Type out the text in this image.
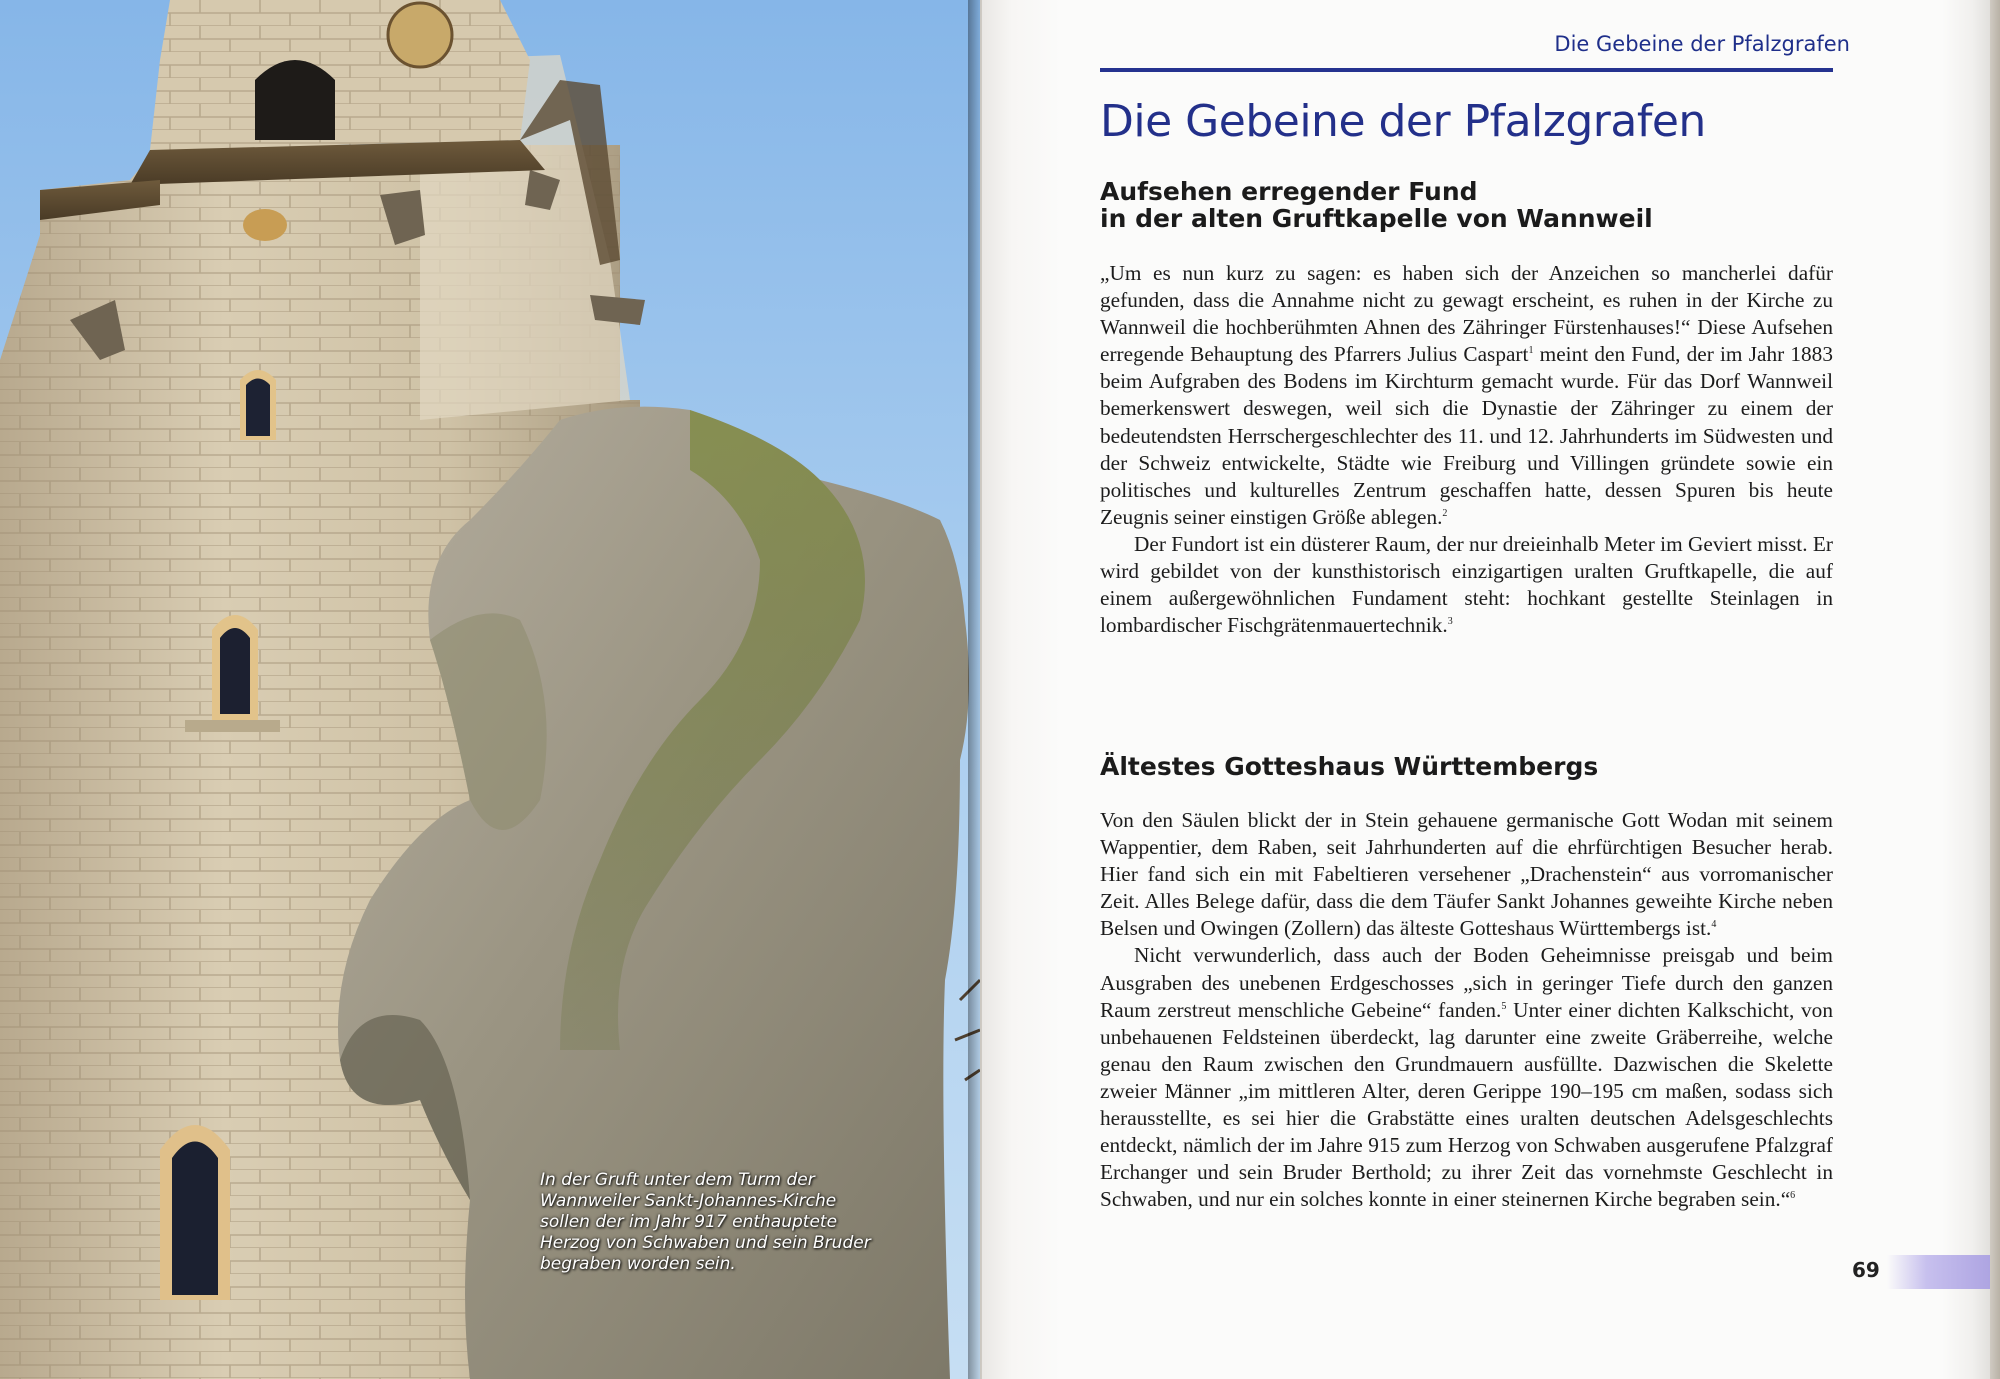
In der Gruft unter dem Turm der Wannweiler Sankt-Johannes-Kirche sollen der im Jahr 917 enthauptete Herzog von Schwaben und sein Bruder begraben worden sein.
Die Gebeine der Pfalzgrafen
Die Gebeine der Pfalzgrafen
Aufsehen erregender Fund
in der alten Gruftkapelle von Wannweil

„Um es nun kurz zu sagen: es haben sich der Anzeichen so mancherlei dafür gefunden, dass die Annahme nicht zu gewagt erscheint, es ruhen in der Kirche zu Wannweil die hochberühmten Ahnen des Zähringer Fürstenhauses!“ Diese Aufsehen erregende Behauptung des Pfarrers Julius Caspart$^1$ meint den Fund, der im Jahr 1883 beim Aufgraben des Bodens im Kirchturm gemacht wurde. Für das Dorf Wannweil bemerkenswert deswegen, weil sich die Dynastie der Zähringer zu einem der bedeutendsten Herrschergeschlechter des 11. und 12. Jahrhunderts im Südwesten und der Schweiz entwickelte, Städte wie Freiburg und Villingen gründete sowie ein politisches und kulturelles Zentrum geschaffen hatte, dessen Spuren bis heute Zeugnis seiner einstigen Größe ablegen.$^2$

Der Fundort ist ein düsterer Raum, der nur dreieinhalb Meter im Geviert misst. Er wird gebildet von der kunsthistorisch einzigartigen uralten Gruftkapelle, die auf einem außergewöhnlichen Fundament steht: hochkant gestellte Steinlagen in lombardischer Fischgrätenmauertechnik.$^3$

Ältestes Gotteshaus Württembergs

Von den Säulen blickt der in Stein gehauene germanische Gott Wodan mit seinem Wappentier, dem Raben, seit Jahrhunderten auf die ehrfürchtigen Besucher herab. Hier fand sich ein mit Fabeltieren versehener „Drachenstein“ aus vorromanischer Zeit. Alles Belege dafür, dass die dem Täufer Sankt Johannes geweihte Kirche neben Belsen und Owingen (Zollern) das älteste Gotteshaus Württembergs ist.$^4$

Nicht verwunderlich, dass auch der Boden Geheimnisse preisgab und beim Ausgraben des unebenen Erdgeschosses „sich in geringer Tiefe durch den ganzen Raum zerstreut menschliche Gebeine“ fanden.$^5$ Unter einer dichten Kalkschicht, von unbehauenen Feldsteinen überdeckt, lag darunter eine zweite Gräberreihe, welche genau den Raum zwischen den Grundmauern ausfüllte. Dazwischen die Skelette zweier Männer „im mittleren Alter, deren Gerippe 190–195 cm maßen, sodass sich herausstellte, es sei hier die Grabstätte eines uralten deutschen Adelsgeschlechts entdeckt, nämlich der im Jahre 915 zum Herzog von Schwaben ausgerufene Pfalzgraf Erchanger und sein Bruder Berthold; zu ihrer Zeit das vornehmste Geschlecht in Schwaben, und nur ein solches konnte in einer steinernen Kirche begraben sein.“$^6$

69
